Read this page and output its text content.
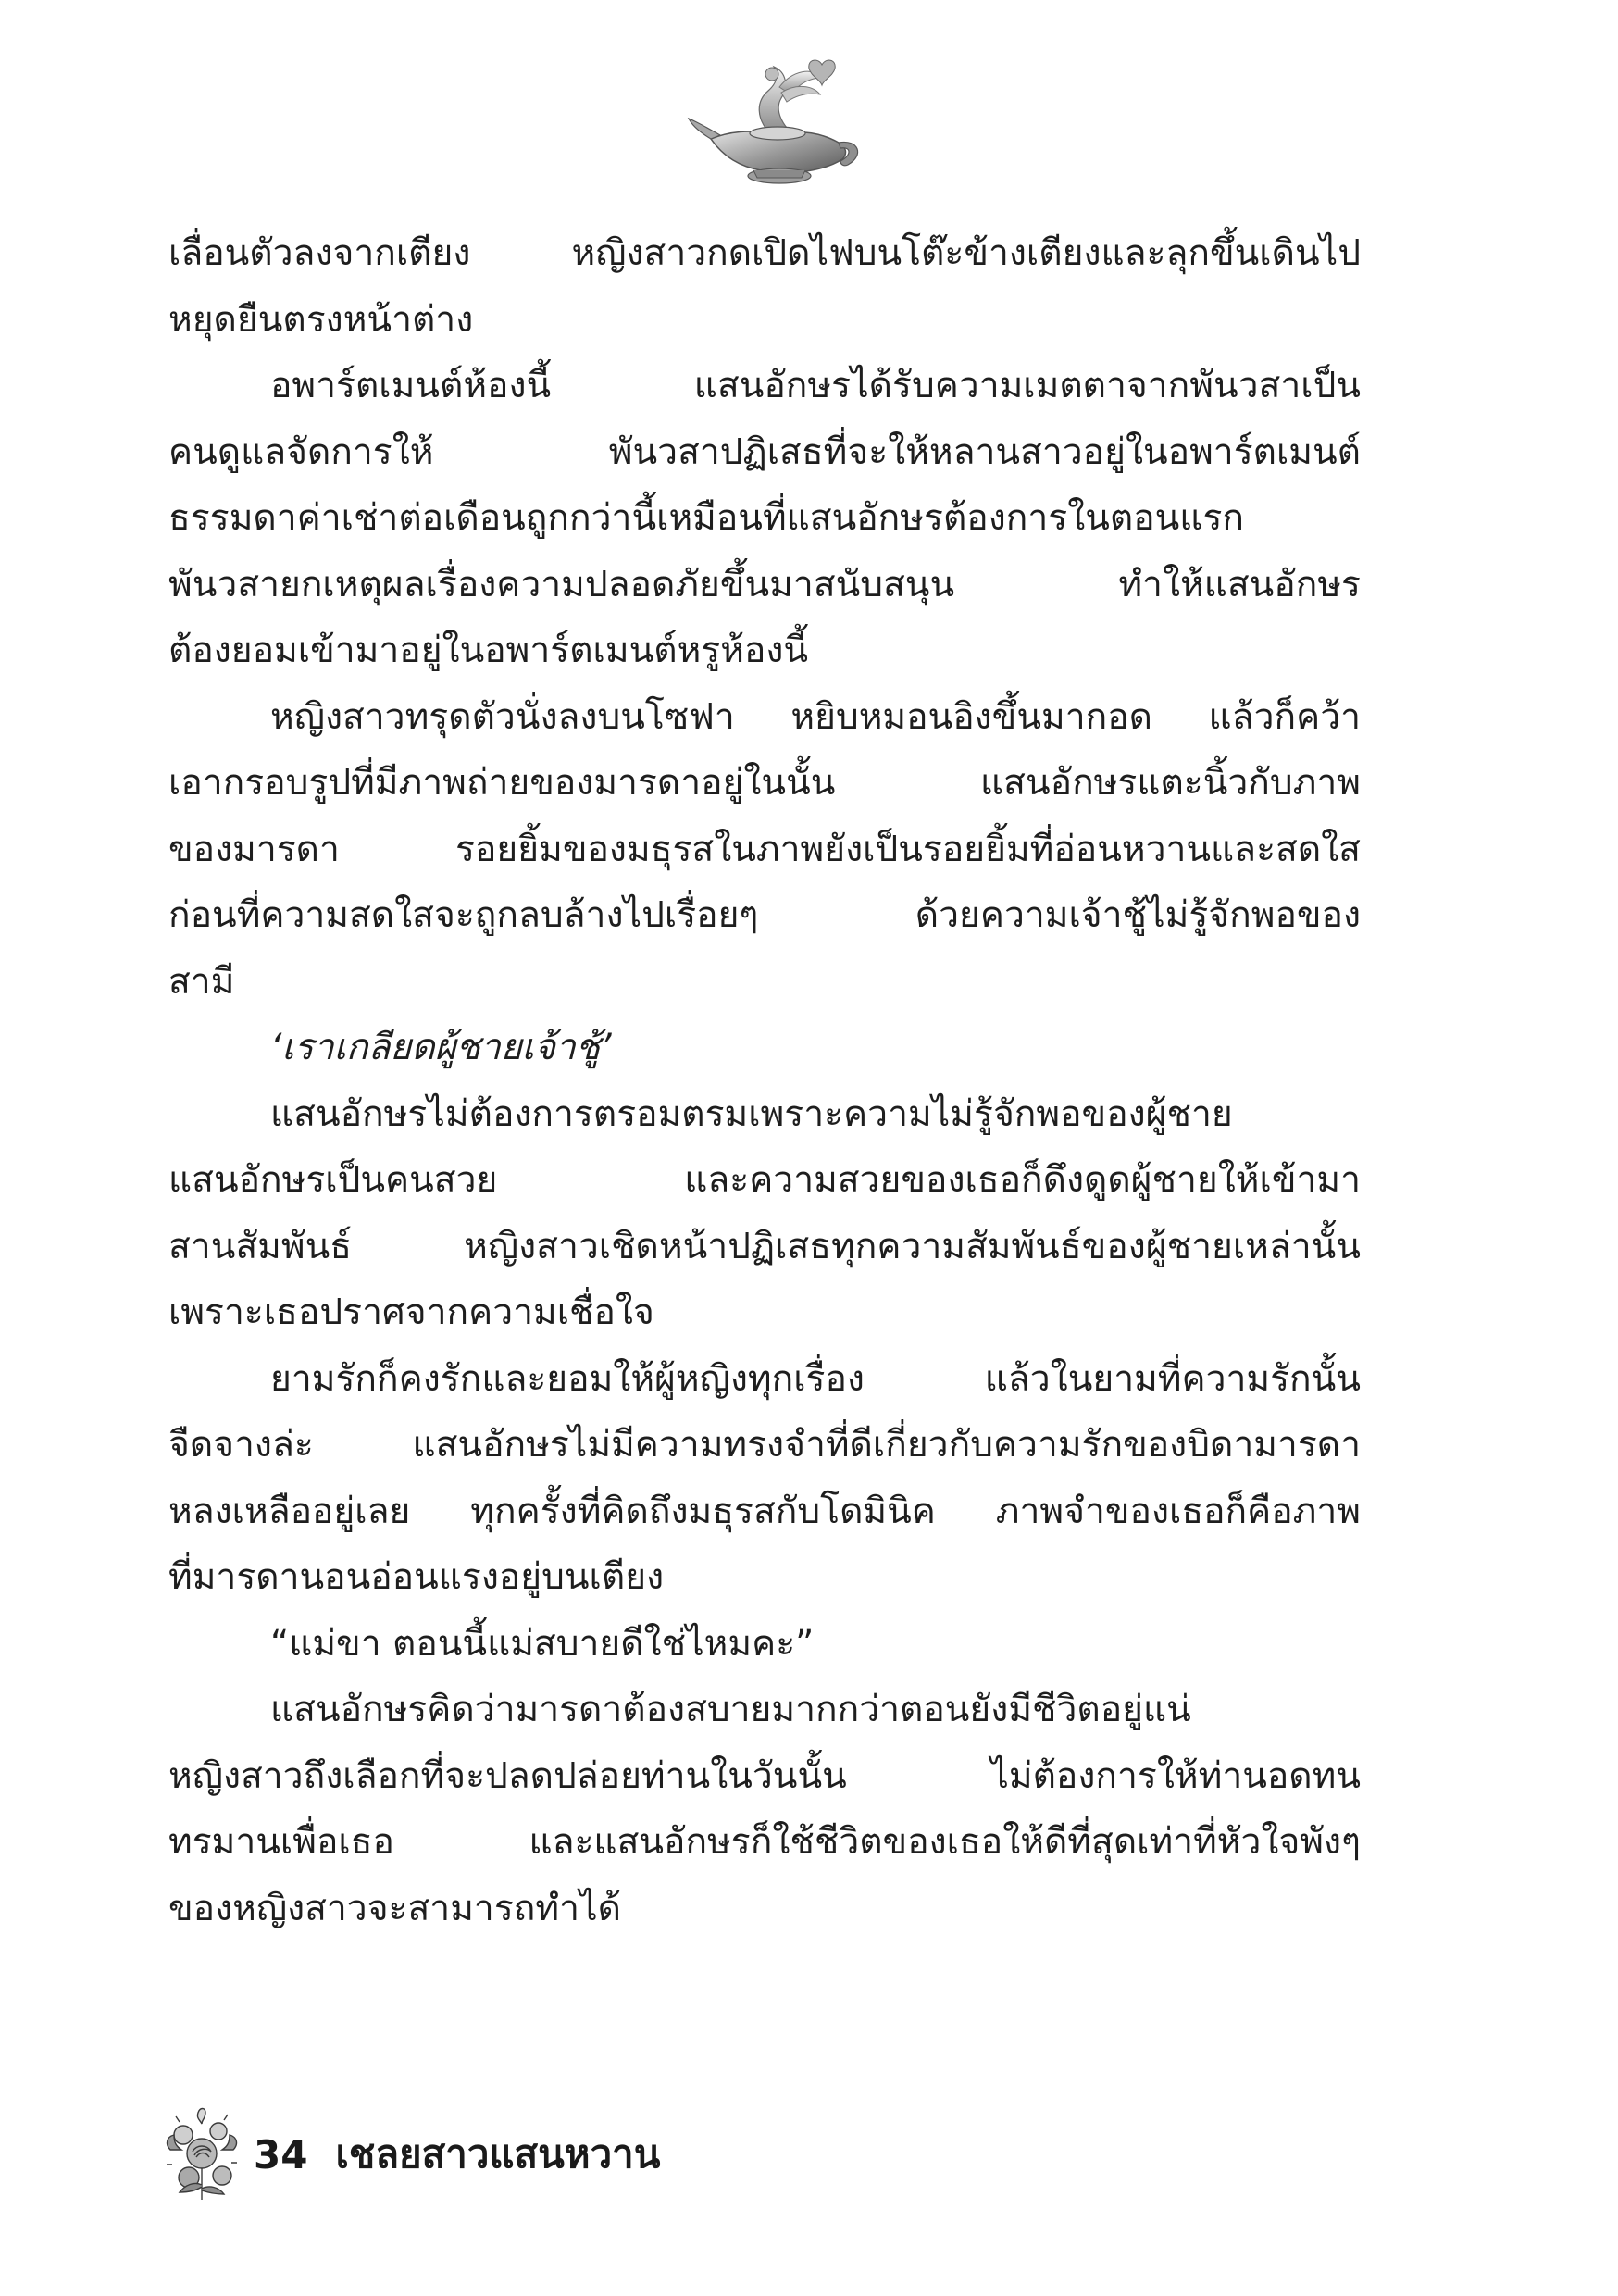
เลื่อนตัวลงจากเตียง หญิงสาวกดเปิดไฟบนโต๊ะข้างเตียงและลุกขึ้นเดินไป
หยุดยืนตรงหน้าต่าง
อพาร์ตเมนต์ห้องนี้ แสนอักษรได้รับความเมตตาจากพันวสาเป็น
คนดูแลจัดการให้ พันวสาปฏิเสธที่จะให้หลานสาวอยู่ในอพาร์ตเมนต์
ธรรมดาค่าเช่าต่อเดือนถูกกว่านี้เหมือนที่แสนอักษรต้องการในตอนแรก
พันวสายกเหตุผลเรื่องความปลอดภัยขึ้นมาสนับสนุน ทำให้แสนอักษร
ต้องยอมเข้ามาอยู่ในอพาร์ตเมนต์หรูห้องนี้
หญิงสาวทรุดตัวนั่งลงบนโซฟา หยิบหมอนอิงขึ้นมากอด แล้วก็คว้า
เอากรอบรูปที่มีภาพถ่ายของมารดาอยู่ในนั้น แสนอักษรแตะนิ้วกับภาพ
ของมารดา รอยยิ้มของมธุรสในภาพยังเป็นรอยยิ้มที่อ่อนหวานและสดใส
ก่อนที่ความสดใสจะถูกลบล้างไปเรื่อยๆ ด้วยความเจ้าชู้ไม่รู้จักพอของ
สามี
‘เราเกลียดผู้ชายเจ้าชู้’
แสนอักษรไม่ต้องการตรอมตรมเพราะความไม่รู้จักพอของผู้ชาย
แสนอักษรเป็นคนสวย และความสวยของเธอก็ดึงดูดผู้ชายให้เข้ามา
สานสัมพันธ์ หญิงสาวเชิดหน้าปฏิเสธทุกความสัมพันธ์ของผู้ชายเหล่านั้น
เพราะเธอปราศจากความเชื่อใจ
ยามรักก็คงรักและยอมให้ผู้หญิงทุกเรื่อง แล้วในยามที่ความรักนั้น
จืดจางล่ะ แสนอักษรไม่มีความทรงจำที่ดีเกี่ยวกับความรักของบิดามารดา
หลงเหลืออยู่เลย ทุกครั้งที่คิดถึงมธุรสกับโดมินิค ภาพจำของเธอก็คือภาพ
ที่มารดานอนอ่อนแรงอยู่บนเตียง
“แม่ขา ตอนนี้แม่สบายดีใช่ไหมคะ”
แสนอักษรคิดว่ามารดาต้องสบายมากกว่าตอนยังมีชีวิตอยู่แน่
หญิงสาวถึงเลือกที่จะปลดปล่อยท่านในวันนั้น ไม่ต้องการให้ท่านอดทน
ทรมานเพื่อเธอ และแสนอักษรก็ใช้ชีวิตของเธอให้ดีที่สุดเท่าที่หัวใจพังๆ
ของหญิงสาวจะสามารถทำได้
34 เชลยสาวแสนหวาน
